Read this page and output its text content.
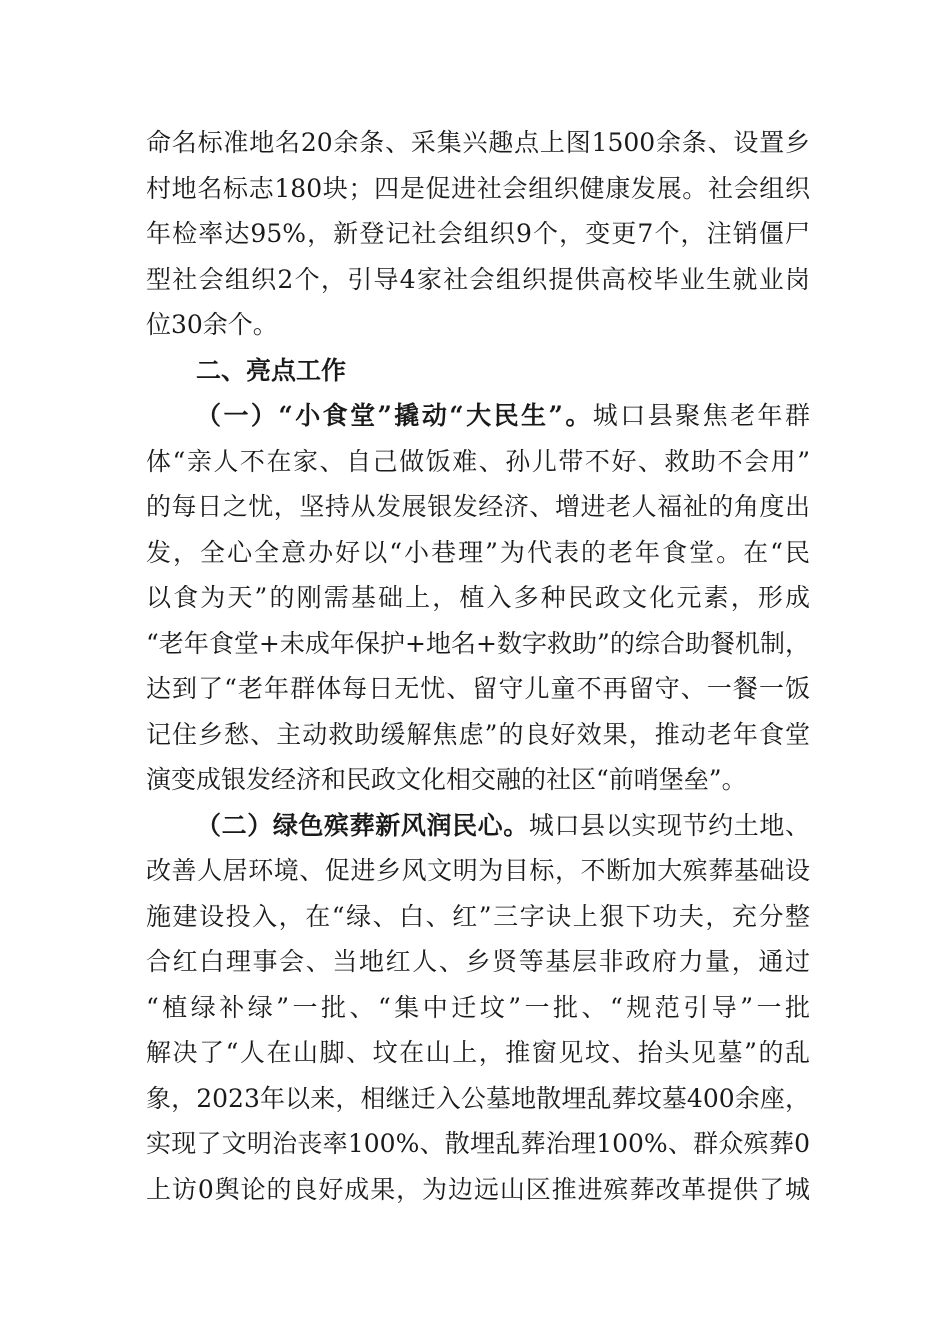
命名标准地名20余条、采集兴趣点上图1500余条、设置乡
村地名标志180块；四是促进社会组织健康发展。社会组织
年检率达95%，新登记社会组织9个，变更7个，注销僵尸
型社会组织2个，引导4家社会组织提供高校毕业生就业岗
位30余个。
二、亮点工作
（一）“小食堂”撬动“大民生”。城口县聚焦老年群
体“亲人不在家、自己做饭难、孙儿带不好、救助不会用”
的每日之忧，坚持从发展银发经济、增进老人福祉的角度出
发，全心全意办好以“小巷理”为代表的老年食堂。在“民
以食为天”的刚需基础上，植入多种民政文化元素，形成
“老年食堂+未成年保护+地名+数字救助”的综合助餐机制，
达到了“老年群体每日无忧、留守儿童不再留守、一餐一饭
记住乡愁、主动救助缓解焦虑”的良好效果，推动老年食堂
演变成银发经济和民政文化相交融的社区“前哨堡垒”。
（二）绿色殡葬新风润民心。城口县以实现节约土地、
改善人居环境、促进乡风文明为目标，不断加大殡葬基础设
施建设投入，在“绿、白、红”三字诀上狠下功夫，充分整
合红白理事会、当地红人、乡贤等基层非政府力量，通过
“植绿补绿”一批、“集中迁坟”一批、“规范引导”一批
解决了“人在山脚、坟在山上，推窗见坟、抬头见墓”的乱
象，2023年以来，相继迁入公墓地散埋乱葬坟墓400余座，
实现了文明治丧率100%、散埋乱葬治理100%、群众殡葬0
上访0舆论的良好成果，为边远山区推进殡葬改革提供了城
